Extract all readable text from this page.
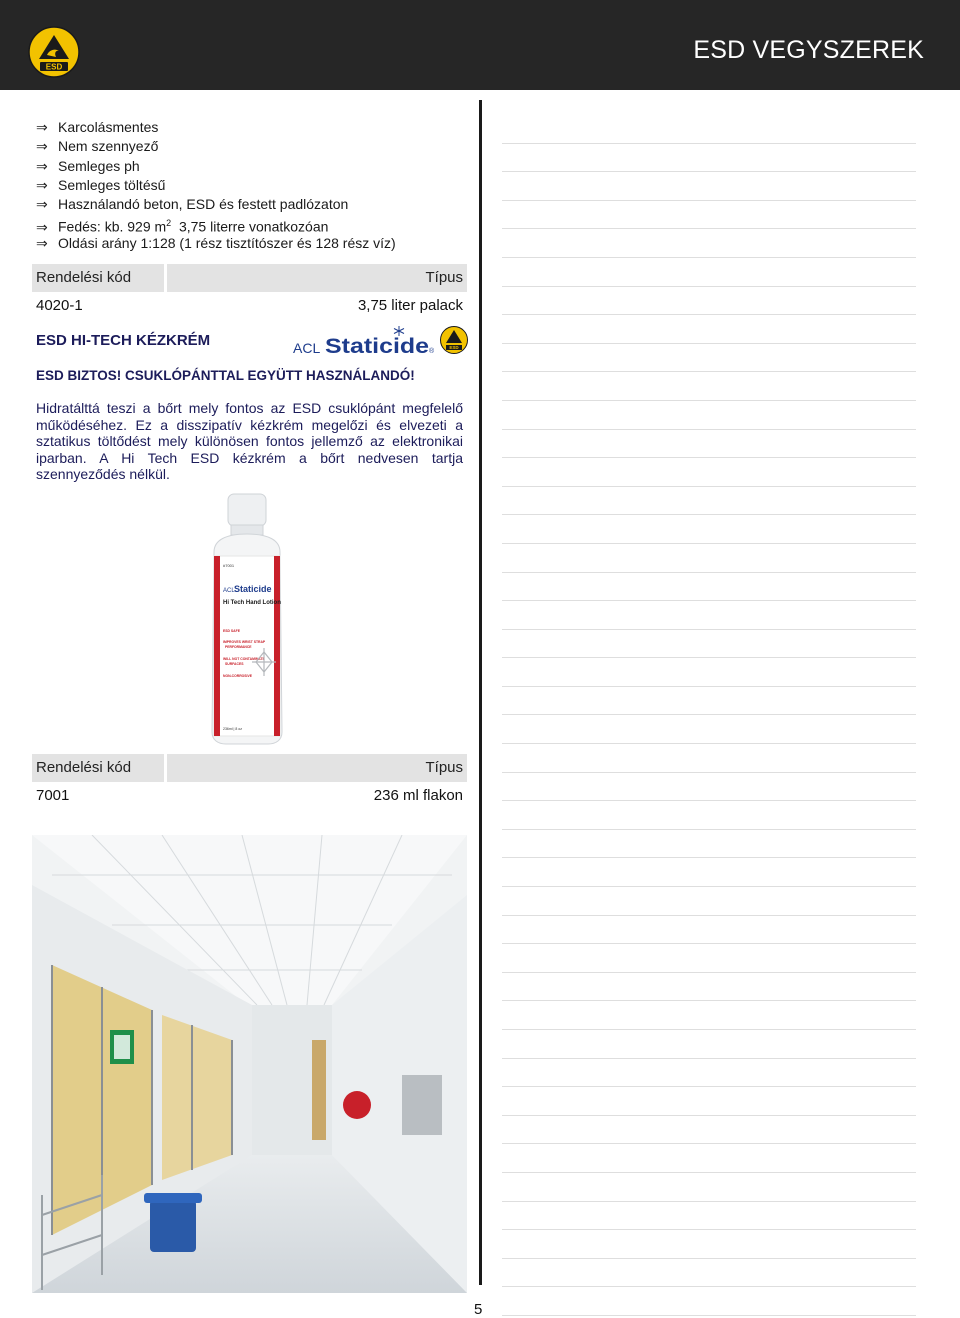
ESD
ESD VEGYSZEREK
⇒ Karcolásmentes
⇒ Nem szennyező
⇒ Semleges ph
⇒ Semleges töltésű
⇒ Használandó beton, ESD és festett padlózaton
⇒ Fedés: kb. 929 $m^2$ 3,75 literre vonatkozóan
⇒ Oldási arány 1:128 (1 rész tisztítószer és 128 rész víz)
Rendelési kód	Típus
4020-1	3,75 liter palack
ESD HI-TECH KÉZKRÉM	ACL Staticide ®
ESD
ESD BIZTOS! CSUKLÓPÁNTTAL EGYÜTT HASZNÁLANDÓ!

Hidratálttá teszi a bőrt mely fontos az ESD csuklópánt megfelelő működéséhez. Ez a disszipatív kézkrém megelőzi és elvezeti a sztatikus töltődést mely különösen fontos jellemző az elektronikai iparban. A Hi Tech ESD kézkrém a bőrt nedvesen tartja szennyeződés nélkül.

#7001
ACL Staticide
Hi Tech Hand Lotion
ESD SAFE
IMPROVES WRIST STRAP
PERFORMANCE
WILL NOT CONTAMINATE
SURFACES
NON-CORROSIVE
236ml | 8 oz
Rendelési kód	Típus
7001	236 ml flakon
5
